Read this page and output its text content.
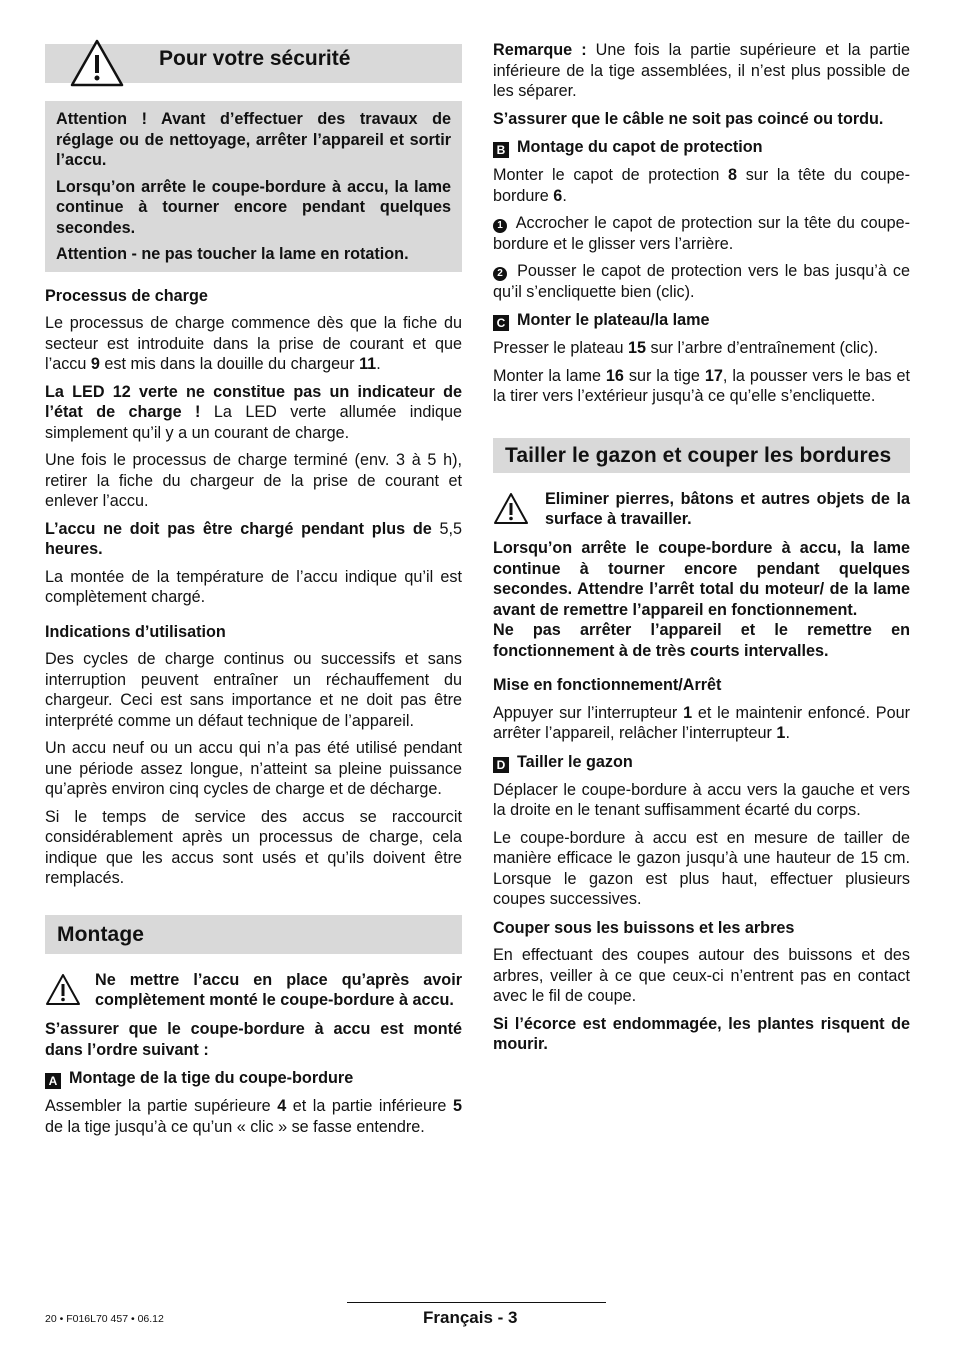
Pour votre sécurité

Attention ! Avant d’effectuer des travaux de réglage ou de nettoyage, arrêter l’appareil et sortir l’accu.

Lorsqu’on arrête le coupe-bordure à accu, la lame continue à tourner encore pendant quelques secondes.

Attention - ne pas toucher la lame en rotation.

Processus de charge

Le processus de charge commence dès que la fiche du secteur est introduite dans la prise de courant et que l’accu 9 est mis dans la douille du chargeur 11.

La LED 12 verte ne constitue pas un indicateur de l’état de charge ! La LED verte allumée indique simplement qu’il y a un courant de charge.

Une fois le processus de charge terminé (env. 3 à 5 h), retirer la fiche du chargeur de la prise de courant et enlever l’accu.

L’accu ne doit pas être chargé pendant plus de 5,5 heures.

La montée de la température de l’accu indique qu’il est complètement chargé.

Indications d’utilisation

Des cycles de charge continus ou successifs et sans interruption peuvent entraîner un réchauffement du chargeur. Ceci est sans importance et ne doit pas être interprété comme un défaut technique de l’appareil.

Un accu neuf ou un accu qui n’a pas été utilisé pendant une période assez longue, n’atteint sa pleine puissance qu’après environ cinq cycles de charge et de décharge.

Si le temps de service des accus se raccourcit considérablement après un processus de charge, cela indique que les accus sont usés et qu’ils doivent être remplacés.

Montage

Ne mettre l’accu en place qu’après avoir complètement monté le coupe-bordure à accu.

S’assurer que le coupe-bordure à accu est monté dans l’ordre suivant :

A Montage de la tige du coupe-bordure

Assembler la partie supérieure 4 et la partie inférieure 5 de la tige jusqu’à ce qu’un « clic » se fasse entendre.

Remarque : Une fois la partie supérieure et la partie inférieure de la tige assemblées, il n’est plus possible de les séparer.

S’assurer que le câble ne soit pas coincé ou tordu.

B Montage du capot de protection

Monter le capot de protection 8 sur la tête du coupe-bordure 6.

1 Accrocher le capot de protection sur la tête du coupe-bordure et le glisser vers l’arrière.

2 Pousser le capot de protection vers le bas jusqu’à ce qu’il s’encliquette bien (clic).

C Monter le plateau/la lame

Presser le plateau 15 sur l’arbre d’entraînement (clic).

Monter la lame 16 sur la tige 17, la pousser vers le bas et la tirer vers l’extérieur jusqu’à ce qu’elle s’encliquette.

Tailler le gazon et couper les bordures

Eliminer pierres, bâtons et autres objets de la surface à travailler.

Lorsqu’on arrête le coupe-bordure à accu, la lame continue à tourner encore pendant quelques secondes. Attendre l’arrêt total du moteur/ de la lame avant de remettre l’appareil en fonctionnement.

Ne pas arrêter l’appareil et le remettre en fonctionnement à de très courts intervalles.

Mise en fonctionnement/Arrêt

Appuyer sur l’interrupteur 1 et le maintenir enfoncé. Pour arrêter l’appareil, relâcher l’interrupteur 1.

D Tailler le gazon

Déplacer le coupe-bordure à accu vers la gauche et vers la droite en le tenant suffisamment écarté du corps.

Le coupe-bordure à accu est en mesure de tailler de manière efficace le gazon jusqu’à une hauteur de 15 cm. Lorsque le gazon est plus haut, effectuer plusieurs coupes successives.

Couper sous les buissons et les arbres

En effectuant des coupes autour des buissons et des arbres, veiller à ce que ceux-ci n’entrent pas en contact avec le fil de coupe.

Si l’écorce est endommagée, les plantes risquent de mourir.

20 • F016L70 457 • 06.12	Français - 3
